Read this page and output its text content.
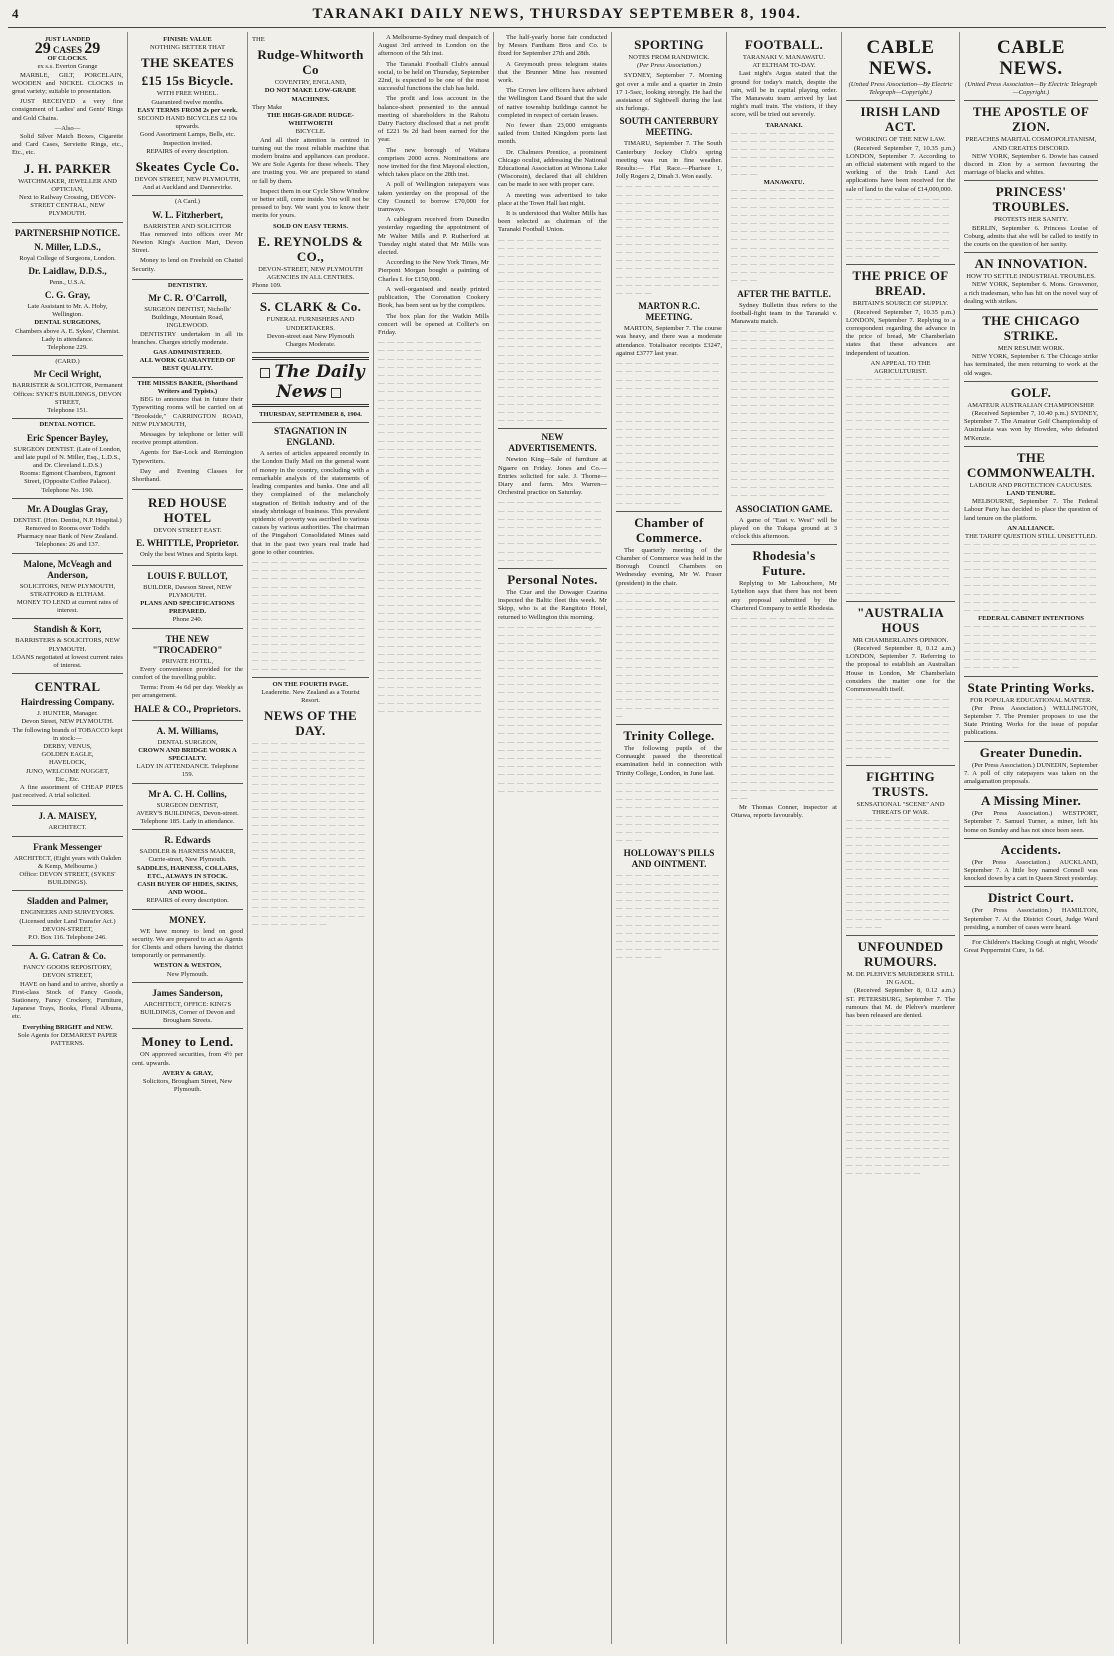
4	TARANAKI DAILY NEWS, THURSDAY SEPTEMBER 8, 1904.
JUST LANDED
29 CASES 29
OF CLOCKS.
ex s.s. Everton Grange

MARBLE, GILT, PORCELAIN, WOODEN and NICKEL CLOCKS in great variety; suitable to presentation.

JUST RECEIVED a very fine consignment of Ladies' and Gents' Rings and Gold Chains.

—Also—

Solid Silver Match Boxes, Cigarette and Card Cases, Serviette Rings, etc., Etc., etc.

J. H. PARKER
WATCHMAKER, JEWELLER AND OPTICIAN,
Next to Railway Crossing, DEVON-STREET CENTRAL, NEW PLYMOUTH.
PARTNERSHIP NOTICE.
N. Miller, L.D.S.,
Royal College of Surgeons, London.
Dr. Laidlaw, D.D.S.,
Penn., U.S.A.
C. G. Gray,
Late Assistant to Mr. A. Hoby, Wellington.
DENTAL SURGEONS,
Chambers above A. E. Sykes', Chemist.
Lady in attendance.
Telephone 229.
(CARD.)
Mr Cecil Wright,
BARRISTER & SOLICITOR, Permanent Offices: SYKE'S BUILDINGS, DEVON STREET,
Telephone 151.
DENTAL NOTICE.
Eric Spencer Bayley,
SURGEON DENTIST. (Late of London, and late pupil of N. Miller, Esq., L.D.S., and Dr. Cleveland L.D.S.)
Rooms: Egmont Chambers, Egmont Street, (Opposite Coffee Palace).
Telephone No. 190.
Mr. A Douglas Gray,
DENTIST. (Hon. Dentist, N.P. Hospital.)
Removed to Rooms over Todd's Pharmacy near Bank of New Zealand.
Telephones: 26 and 137.
Malone, McVeagh and Anderson,
SOLICITORS, NEW PLYMOUTH, STRATFORD & ELTHAM.
MONEY TO LEND at current rates of interest.
Standish & Korr,
BARRISTERS & SOLICITORS, NEW PLYMOUTH.
LOANS negotiated at lowest current rates of interest.
CENTRAL
Hairdressing Company.
J. HUNTER, Manager.
Devon Street, NEW PLYMOUTH.
The following brands of TOBACCO kept in stock:—
DERBY, VENUS,
GOLDEN EAGLE,
HAVELOCK,
JUNO, WELCOME NUGGET,
Etc., Etc.

A fine assortment of CHEAP PIPES just received. A trial solicited.

J. A. MAISEY,
ARCHITECT.
Frank Messenger
ARCHITECT, (Eight years with Oakden & Kemp, Melbourne.)
Office: DEVON STREET, (SYKES' BUILDINGS).
Sladden and Palmer,
ENGINEERS AND SURVEYORS. (Licensed under Land Transfer Act.)
DEVON-STREET,
P.O. Box 116. Telephone 246.
A. G. Catran & Co.
FANCY GOODS REPOSITORY, DEVON STREET,

HAVE on hand and to arrive, shortly a First-class Stock of Fancy Goods, Stationery, Fancy Crockery, Furniture, Japanese Trays, Books, Floral Albums, etc.

Everything BRIGHT and NEW.
Sole Agents for DEMAREST PAPER PATTERNS.
FINISH: VALUE
NOTHING BETTER THAT
THE SKEATES
£15 15s Bicycle.
WITH FREE WHEEL.
Guaranteed twelve months.
EASY TERMS FROM 2s per week.
SECOND HAND BICYCLES £2 10s upwards.
Good Assortment Lamps, Bells, etc.
Inspection invited.
REPAIRS of every description.
Skeates Cycle Co.
DEVON STREET, NEW PLYMOUTH,
And at Auckland and Dannevirke.
(A Card.)
W. L. Fitzherbert,
BARRISTER AND SOLICITOR

Has removed into offices over Mr Newton King's Auction Mart, Devon Street.

Money to lend on Freehold on Chattel Security.

DENTISTRY.
Mr C. R. O'Carroll,
SURGEON DENTIST, Nicholls' Buildings, Mountain Road, INGLEWOOD.

DENTISTRY undertaken in all its branches. Charges strictly moderate.

GAS ADMINISTERED.
ALL WORK GUARANTEED OF BEST QUALITY.
THE MISSES BAKER, (Shorthand Writers and Typists.)

BEG to announce that in future their Typewriting rooms will be carried on at "Brookside," CARRINGTON ROAD, NEW PLYMOUTH,

Messages by telephone or letter will receive prompt attention.

Agents for Bar-Lock and Remington Typewriters.

Day and Evening Classes for Shorthand.

RED HOUSE HOTEL
DEVON STREET EAST.
E. WHITTLE, Proprietor.

Only the best Wines and Spirits kept.

LOUIS F. BULLOT,
BUILDER, Dawson Street, NEW PLYMOUTH.
PLANS AND SPECIFICATIONS PREPARED.
Phone 240.
THE NEW "TROCADERO"
PRIVATE HOTEL,

Every convenience provided for the comfort of the travelling public.

Terms: From 4s 6d per day. Weekly as per arrangement.

HALE & CO., Proprietors.
A. M. Williams,
DENTAL SURGEON,
CROWN AND BRIDGE WORK A SPECIALTY.
LADY IN ATTENDANCE. Telephone 159.
Mr A. C. H. Collins,
SURGEON DENTIST,
AVERY'S BUILDINGS, Devon-street.
Telephone 185. Lady in attendance.
R. Edwards
SADDLER & HARNESS MAKER, Currie-street, New Plymouth.
SADDLES, HARNESS, COLLARS, ETC., ALWAYS IN STOCK.
CASH BUYER OF HIDES, SKINS, AND WOOL.
REPAIRS of every description.
MONEY.

WE have money to lend on good security. We are prepared to act as Agents for Clients and others having the district temporarily or permanently.

WESTON & WESTON,
New Plymouth.
James Sanderson,
ARCHITECT, OFFICE: KING'S BUILDINGS, Corner of Devon and Brougham Streets.
Money to Lend.

ON approved securities, from 4½ per cent. upwards.

AVERY & GRAY,
Solicitors, Brougham Street, New Plymouth.
THE
Rudge-Whitworth Co
COVENTRY, ENGLAND,
DO NOT MAKE LOW-GRADE MACHINES.
They Make
THE HIGH-GRADE RUDGE-WHITWORTH
BICYCLE.

And all their attention is centred in turning out the most reliable machine that modern brains and appliances can produce. We are Sole Agents for these wheels. They are trusting you. We are prepared to stand or fall by them.

Inspect them in our Cycle Show Window or better still, come inside. You will not be pressed to buy. We want you to know their merits for yours.

SOLD ON EASY TERMS.
E. REYNOLDS & CO.,
DEVON-STREET, NEW PLYMOUTH
AGENCIES IN ALL CENTRES.
Phone 109.
S. CLARK & Co.
FUNERAL FURNISHERS AND UNDERTAKERS.
Devon-street east New Plymouth
Charges Moderate.
The Daily News
THURSDAY, SEPTEMBER 8, 1904.
STAGNATION IN ENGLAND.

A series of articles appeared recently in the London Daily Mail on the general want of money in the country, concluding with a remarkable analysis of the statements of leading companies and banks. One and all they complained of the melancholy stagnation of British industry and of the steady shrinkage of business. This prevalent epidemic of poverty was ascribed to various causes by various authorities. The chairman of the Pingahori Consolidated Mines said that in the past two years real trade had gone to other countries.

— — — — — — — — — — — — — — — — — — — — — — — — — — — — — — — — — — — — — — — — — — — — — — — — — — — — — — — — — — — — — — — — — — — — — — — — — — — — — — — — — — — — — — — — — — — — — — — — — — — — — — — — — — — — — — — — — — — — — — — — — — — — — — — — — — — — — — — — — — — — — — — — — — — — — — — — — — — — — — — — — — — — — —
ON THE FOURTH PAGE.
Leaderette. New Zealand as a Tourist Resort.
NEWS OF THE DAY.
— — — — — — — — — — — — — — — — — — — — — — — — — — — — — — — — — — — — — — — — — — — — — — — — — — — — — — — — — — — — — — — — — — — — — — — — — — — — — — — — — — — — — — — — — — — — — — — — — — — — — — — — — — — — — — — — — — — — — — — — — — — — — — — — — — — — — — — — — — — — — — — — — — — — — — — — — — — — — — — — — — — — — — — — — — — — — — — — — — — — — — — — — — — — — — — — — — — — — — — — — — — — — — — — — — — — — — — — — — — — — — — — — — — — — — — — — — — — — — — — — — — — — — — — — — — — — — — — — — — — — — — — — — — — — — — —

A Melbourne-Sydney mail despatch of August 3rd arrived in London on the afternoon of the 5th inst.

The Taranaki Football Club's annual social, to be held on Thursday, September 22nd, is expected to be one of the most successful functions the club has held.

The profit and loss account in the balance-sheet presented to the annual meeting of shareholders in the Rahotu Dairy Factory disclosed that a net profit of £221 9s 2d had been earned for the year.

The new borough of Waitara comprises 2000 acres. Nominations are now invited for the first Mayoral election, which takes place on the 28th inst.

A poll of Wellington ratepayers was taken yesterday on the proposal of the City Council to borrow £70,000 for tramways.

A cablegram received from Dunedin yesterday regarding the appointment of Mr Walter Mills and P. Rutherford at Tuesday night stated that Mr Mills was elected.

According to the New York Times, Mr Pierpont Morgan bought a painting of Charles I. for £150,000.

A well-organised and neatly printed publication, The Coronation Cookery Book, has been sent us by the compilers.

The box plan for the Watkin Mills concert will be opened at Collier's on Friday.

— — — — — — — — — — — — — — — — — — — — — — — — — — — — — — — — — — — — — — — — — — — — — — — — — — — — — — — — — — — — — — — — — — — — — — — — — — — — — — — — — — — — — — — — — — — — — — — — — — — — — — — — — — — — — — — — — — — — — — — — — — — — — — — — — — — — — — — — — — — — — — — — — — — — — — — — — — — — — — — — — — — — — — — — — — — — — — — — — — — — — — — — — — — — — — — — — — — — — — — — — — — — — — — — — — — — — — — — — — — — — — — — — — — — — — — — — — — — — — — — — — — — — — — — — — — — — — — — — — — — — — — — — — — — — — — — — — — — — — — — — — — — — — — — — — — — — — — — — — — — — — — — — — — — — — — — — — — — — — — — — — — — — — — — — — — — — — — — — — — — — — — — — — — — — — — — — — — — — — — — — — — — — — — — — — — — — — — — — — — — — — — — — — — — — — — — — — — — — — — — — — — — — — — — — — — — — — — — — — — — — — — — — — — — — — — — — — — — — — — — — — — — — — — — — — — — — — — — — — — — — — — — — — — — — — — — — — — — — — — — — — — — — — — — — — — — — — — — — — — — — — — — — —

The half-yearly horse fair conducted by Messrs Fantham Bros and Co. is fixed for September 27th and 28th.

A Greymouth press telegram states that the Brunner Mine has resumed work.

The Crown law officers have advised the Wellington Land Board that the sale of native township buildings cannot be completed in respect of certain leases.

No fewer than 23,000 emigrants sailed from United Kingdom ports last month.

Dr. Chalmers Prentice, a prominent Chicago oculist, addressing the National Educational Association at Winona Lake (Wisconsin), declared that all children can be made to see with proper care.

A meeting was advertised to take place at the Town Hall last night.

It is understood that Walter Mills has been selected as chairman of the Taranaki Football Union.

— — — — — — — — — — — — — — — — — — — — — — — — — — — — — — — — — — — — — — — — — — — — — — — — — — — — — — — — — — — — — — — — — — — — — — — — — — — — — — — — — — — — — — — — — — — — — — — — — — — — — — — — — — — — — — — — — — — — — — — — — — — — — — — — — — — — — — — — — — — — — — — — — — — — — — — — — — — — — — — — — — — — — — — — — — — — — — — — — — — — — — — — — — — — — — — — — — — — — — — — — — — — — — — — — — — — — — — — — — — — — — — — — — — — — — — — — — — — — — — — — — — — — — — — —
NEW ADVERTISEMENTS.

Newton King—Sale of furniture at Ngaere on Friday. Jones and Co.—Entries solicited for sale. J. Thorne—Diary and farm. Mrs Warren—Orchestral practice on Saturday.

— — — — — — — — — — — — — — — — — — — — — — — — — — — — — — — — — — — — — — — — — — — — — — — — — — — — — — — — — — — — — — — — — — — — — — — — — — — — — — — — — — —
Personal Notes.

The Czar and the Dowager Czarina inspected the Baltic fleet this week. Mr Skipp, who is at the Rangitoto Hotel, returned to Wellington this morning.

— — — — — — — — — — — — — — — — — — — — — — — — — — — — — — — — — — — — — — — — — — — — — — — — — — — — — — — — — — — — — — — — — — — — — — — — — — — — — — — — — — — — — — — — — — — — — — — — — — — — — — — — — — — — — — — — — — — — — — — — — — — — — — — — — — — — — — — — — — — — — — — — — — — — — — — — — — — — — — — — — — — — — — — — — — — — — — — — — — — — — — — — — — — — — — — — — — — — — — — — — — — — — — — — — — — — — — — — — — — — — — — — — — — — — — —
SPORTING
NOTES FROM RANDWICK.
(Per Press Association.)

SYDNEY, September 7. Morning got over a mile and a quarter in 2min 17 1-5sec, looking strongly. He had the assistance of Sightwell during the last six furlongs.

SOUTH CANTERBURY MEETING.

TIMARU, September 7. The South Canterbury Jockey Club's spring meeting was run in fine weather. Results:— Flat Race.—Pharisee 1, Jolly Rogers 2, Dinah 3. Won easily.

— — — — — — — — — — — — — — — — — — — — — — — — — — — — — — — — — — — — — — — — — — — — — — — — — — — — — — — — — — — — — — — — — — — — — — — — — — — — — — — — — — — — — — — — — — — — — — — — — — — — — — — — — — — — — — — — — — — — — — — — — — — — — — — — — — — — — — — — — — — — — — — — — — —
MARTON R.C. MEETING.

MARTON, September 7. The course was heavy, and there was a moderate attendance. Totalisator receipts £3247, against £3777 last year.

— — — — — — — — — — — — — — — — — — — — — — — — — — — — — — — — — — — — — — — — — — — — — — — — — — — — — — — — — — — — — — — — — — — — — — — — — — — — — — — — — — — — — — — — — — — — — — — — — — — — — — — — — — — — — — — — — — — — — — — — — — — — — — — — — — — — — — — — — — — — — — — — — — — — — — — — — — — — — — — — — — — — — — — — — — — — — — — — — — — — — — — — — — — — — — — — — —
Chamber of Commerce.

The quarterly meeting of the Chamber of Commerce was held in the Borough Council Chambers on Wednesday evening, Mr W. Fraser (president) in the chair.

— — — — — — — — — — — — — — — — — — — — — — — — — — — — — — — — — — — — — — — — — — — — — — — — — — — — — — — — — — — — — — — — — — — — — — — — — — — — — — — — — — — — — — — — — — — — — — — — — — — — — — — — — — — — — — — — — — — — — — — — — — — — — — — — — — — — — — — — — — — — — — — — — — — — — — — — — — — — — — — — — — — — — —
Trinity College.

The following pupils of the Connaught passed the theoretical examination held in connection with Trinity College, London, in June last.

— — — — — — — — — — — — — — — — — — — — — — — — — — — — — — — — — — — — — — — — — — — — — — — — — — — — — — — — — — — — — — — — — — — — — — — — — — — — — — — —
HOLLOWAY'S PILLS AND OINTMENT.
— — — — — — — — — — — — — — — — — — — — — — — — — — — — — — — — — — — — — — — — — — — — — — — — — — — — — — — — — — — — — — — — — — — — — — — — — — — — — — — — — — — — — — — — — — — — — — — — — — — — — — — — — — — — — — — — — — —
FOOTBALL.
TARANAKI V. MANAWATU.
AT ELTHAM TO-DAY.

Last night's Argus stated that the ground for today's match, despite the rain, will be in capital playing order. The Manawatu team arrived by last night's mail train. The visitors, if they score, will be tried out severely.

TARANAKI.
— — — — — — — — — — — — — — — — — — — — — — — — — — — — — — — — — — — — — — — — — — — — — — — — — — — — — — — — — —
MANAWATU.
— — — — — — — — — — — — — — — — — — — — — — — — — — — — — — — — — — — — — — — — — — — — — — — — — — — — — — — — — — — — — — — — — — — — — — — — — — — — — — — — — — — — — — — — — — — — — — — — — — — — — — — — — — — — — — — — — — — — — — — — — — — —
AFTER THE BATTLE.

Sydney Bulletin thus refers to the football-fight team in the Taranaki v. Manawatu match.

— — — — — — — — — — — — — — — — — — — — — — — — — — — — — — — — — — — — — — — — — — — — — — — — — — — — — — — — — — — — — — — — — — — — — — — — — — — — — — — — — — — — — — — — — — — — — — — — — — — — — — — — — — — — — — — — — — — — — — — — — — — — — — — — — — — — — — — — — — — — — — — — — — — — — — — — — — — — — — — — — — — — — — — — — — — — — — — — — — — — — — — — — — — — — — — — — — — — — — — — — — — — — — — — — — — — — — — — — — — — — — — — — — — — — —
ASSOCIATION GAME.

A game of "East v. West" will be played on the Tukapa ground at 3 o'clock this afternoon.

Rhodesia's Future.

Replying to Mr Labouchere, Mr Lyttelton says that there has not been any proposal submitted by the Chartered Company to settle Rhodesia.

— — — — — — — — — — — — — — — — — — — — — — — — — — — — — — — — — — — — — — — — — — — — — — — — — — — — — — — — — — — — — — — — — — — — — — — — — — — — — — — — — — — — — — — — — — — — — — — — — — — — — — — — — — — — — — — — — — — — — — — — — — — — — — — — — — — — — — — — — — — — — — — — — — — — — — — — — — — — — — — — — — — — — — — — — — — — — — — — — — — — — — — — — — — — — — — — — — — — — — — — — — — — — — — — — — — — — — — — — — — — — — — — — — — — — — — — — — — — — — — — — — — —

Mr Thomas Conner, inspector at Ottawa, reports favourably.

CABLE NEWS.
(United Press Association—By Electric Telegraph—Copyright.)
IRISH LAND ACT.
WORKING OF THE NEW LAW.

(Received September 7, 10.35 p.m.) LONDON, September 7. According to an official statement with regard to the working of the Irish Land Act applications have been received for the sale of land to the value of £14,000,000.

— — — — — — — — — — — — — — — — — — — — — — — — — — — — — — — — — — — — — — — — — — — — — — — — — — — — — — — — — — — — — — — — — — — — — — — — — — — — — — — — — — — — — — —
THE PRICE OF BREAD.
BRITAIN'S SOURCE OF SUPPLY.

(Received September 7, 10.35 p.m.) LONDON, September 7. Replying to a correspondent regarding the advance in the price of bread, Mr Chamberlain states that these advances are independent of taxation.

AN APPEAL TO THE AGRICULTURIST.
— — — — — — — — — — — — — — — — — — — — — — — — — — — — — — — — — — — — — — — — — — — — — — — — — — — — — — — — — — — — — — — — — — — — — — — — — — — — — — — — — — — — — — — — — — — — — — — — — — — — — — — — — — — — — — — — — — — — — — — — — — — — — — — — — — — — — — — — — — — — — — — — — — — — — — — — — — — — — — — — — — — — — — — — — — — — — — — — — — — — — — — — — — — — — — — — — — — — — — — — — — — — — — — — — — — — — — — — — — — — — — — — — — — — — — — — — — — — — — — — — — — — — — — — — — — — — — — — — — — — — — — — — — — — — — — — — — — — — — — — — — — — — — — — — — — —
"AUSTRALIA HOUS
MR CHAMBERLAIN'S OPINION.

(Received September 8, 0.12 a.m.) LONDON, September 7. Referring to the proposal to establish an Australian House in London, Mr Chamberlain considers the matter one for the Commonwealth itself.

— — — — — — — — — — — — — — — — — — — — — — — — — — — — — — — — — — — — — — — — — — — — — — — — — — — — — — — — — — — — — — — — — — — — — — — — — — — — — — — — — —
FIGHTING TRUSTS.
SENSATIONAL "SCENE" AND THREATS OF WAR.
— — — — — — — — — — — — — — — — — — — — — — — — — — — — — — — — — — — — — — — — — — — — — — — — — — — — — — — — — — — — — — — — — — — — — — — — — — — — — — — — — — — — — — — — — — — — — — — — — — — — — — — — — — — — — — — — — — — — — — — — — — — — — — — — — — — — — — — — — — — — — — — — — — —
UNFOUNDED RUMOURS.
M. DE PLEHVE'S MURDERER STILL IN GAOL.

(Received September 8, 0.12 a.m.) ST. PETERSBURG, September 7. The rumours that M. de Plehve's murderer has been released are denied.

— — — — — — — — — — — — — — — — — — — — — — — — — — — — — — — — — — — — — — — — — — — — — — — — — — — — — — — — — — — — — — — — — — — — — — — — — — — — — — — — — — — — — — — — — — — — — — — — — — — — — — — — — — — — — — — — — — — — — — — — — — — — — — — — — — — — — — — — — — — — — — — — — — — — — — — — — — — — — — — — — — — — — — — — — — — — — — — — — — — — — — — — — — — — — — — — — — — — — — — — — — — — — —
CABLE NEWS.
(United Press Association—By Electric Telegraph—Copyright.)
THE APOSTLE OF ZION.
PREACHES MARITAL COSMOPOLITANISM, AND CREATES DISCORD.

NEW YORK, September 6. Dowie has caused discord in Zion by a sermon favouring the marriage of blacks and whites.

PRINCESS' TROUBLES.
PROTESTS HER SANITY.

BERLIN, September 6. Princess Louise of Coburg, admits that she will be called to testify in the courts on the question of her sanity.

AN INNOVATION.
HOW TO SETTLE INDUSTRIAL TROUBLES.

NEW YORK, September 6. Mons. Grosvenor, a rich tradesman, who has hit on the novel way of dealing with strikes.

THE CHICAGO STRIKE.
MEN RESUME WORK.

NEW YORK, September 6. The Chicago strike has terminated, the men returning to work at the old wages.

GOLF.
AMATEUR AUSTRALIAN CHAMPIONSHIP.

(Received September 7, 10.40 p.m.) SYDNEY, September 7. The Amateur Golf Championship of Australasia was won by Howden, who defeated M'Kenzie.

THE COMMONWEALTH.
LABOUR AND PROTECTION CAUCUSES.
LAND TENURE.

MELBOURNE, September 7. The Federal Labour Party has decided to place the question of land tenure on the platform.

AN ALLIANCE.
THE TARIFF QUESTION STILL UNSETTLED.
— — — — — — — — — — — — — — — — — — — — — — — — — — — — — — — — — — — — — — — — — — — — — — — — — — — — — — — — — — — — — — — — — — — — — — — — — — — — — — — — — — — — — — — — — — — — — — — — — — — — — — — — — — — — — — — — — — — — — — —
FEDERAL CABINET INTENTIONS
— — — — — — — — — — — — — — — — — — — — — — — — — — — — — — — — — — — — — — — — — — — — — — — — — — — — — — — — — — — — — — — — — — — — — — — — — — — —
State Printing Works.
FOR POPULAR EDUCATIONAL MATTER.

(Per Press Association.) WELLINGTON, September 7. The Premier proposes to use the State Printing Works for the issue of popular publications.

Greater Dunedin.

(Per Press Association.) DUNEDIN, September 7. A poll of city ratepayers was taken on the amalgamation proposals.

A Missing Miner.

(Per Press Association.) WESTPORT, September 7. Samuel Turner, a miner, left his home on Sunday and has not since been seen.

Accidents.

(Per Press Association.) AUCKLAND, September 7. A little boy named Connell was knocked down by a cart in Queen Street yesterday.

District Court.

(Per Press Association.) HAMILTON, September 7. At the District Court, Judge Ward presiding, a number of cases were heard.

For Children's Hacking Cough at night, Woods' Great Peppermint Cure, 1s 6d.
